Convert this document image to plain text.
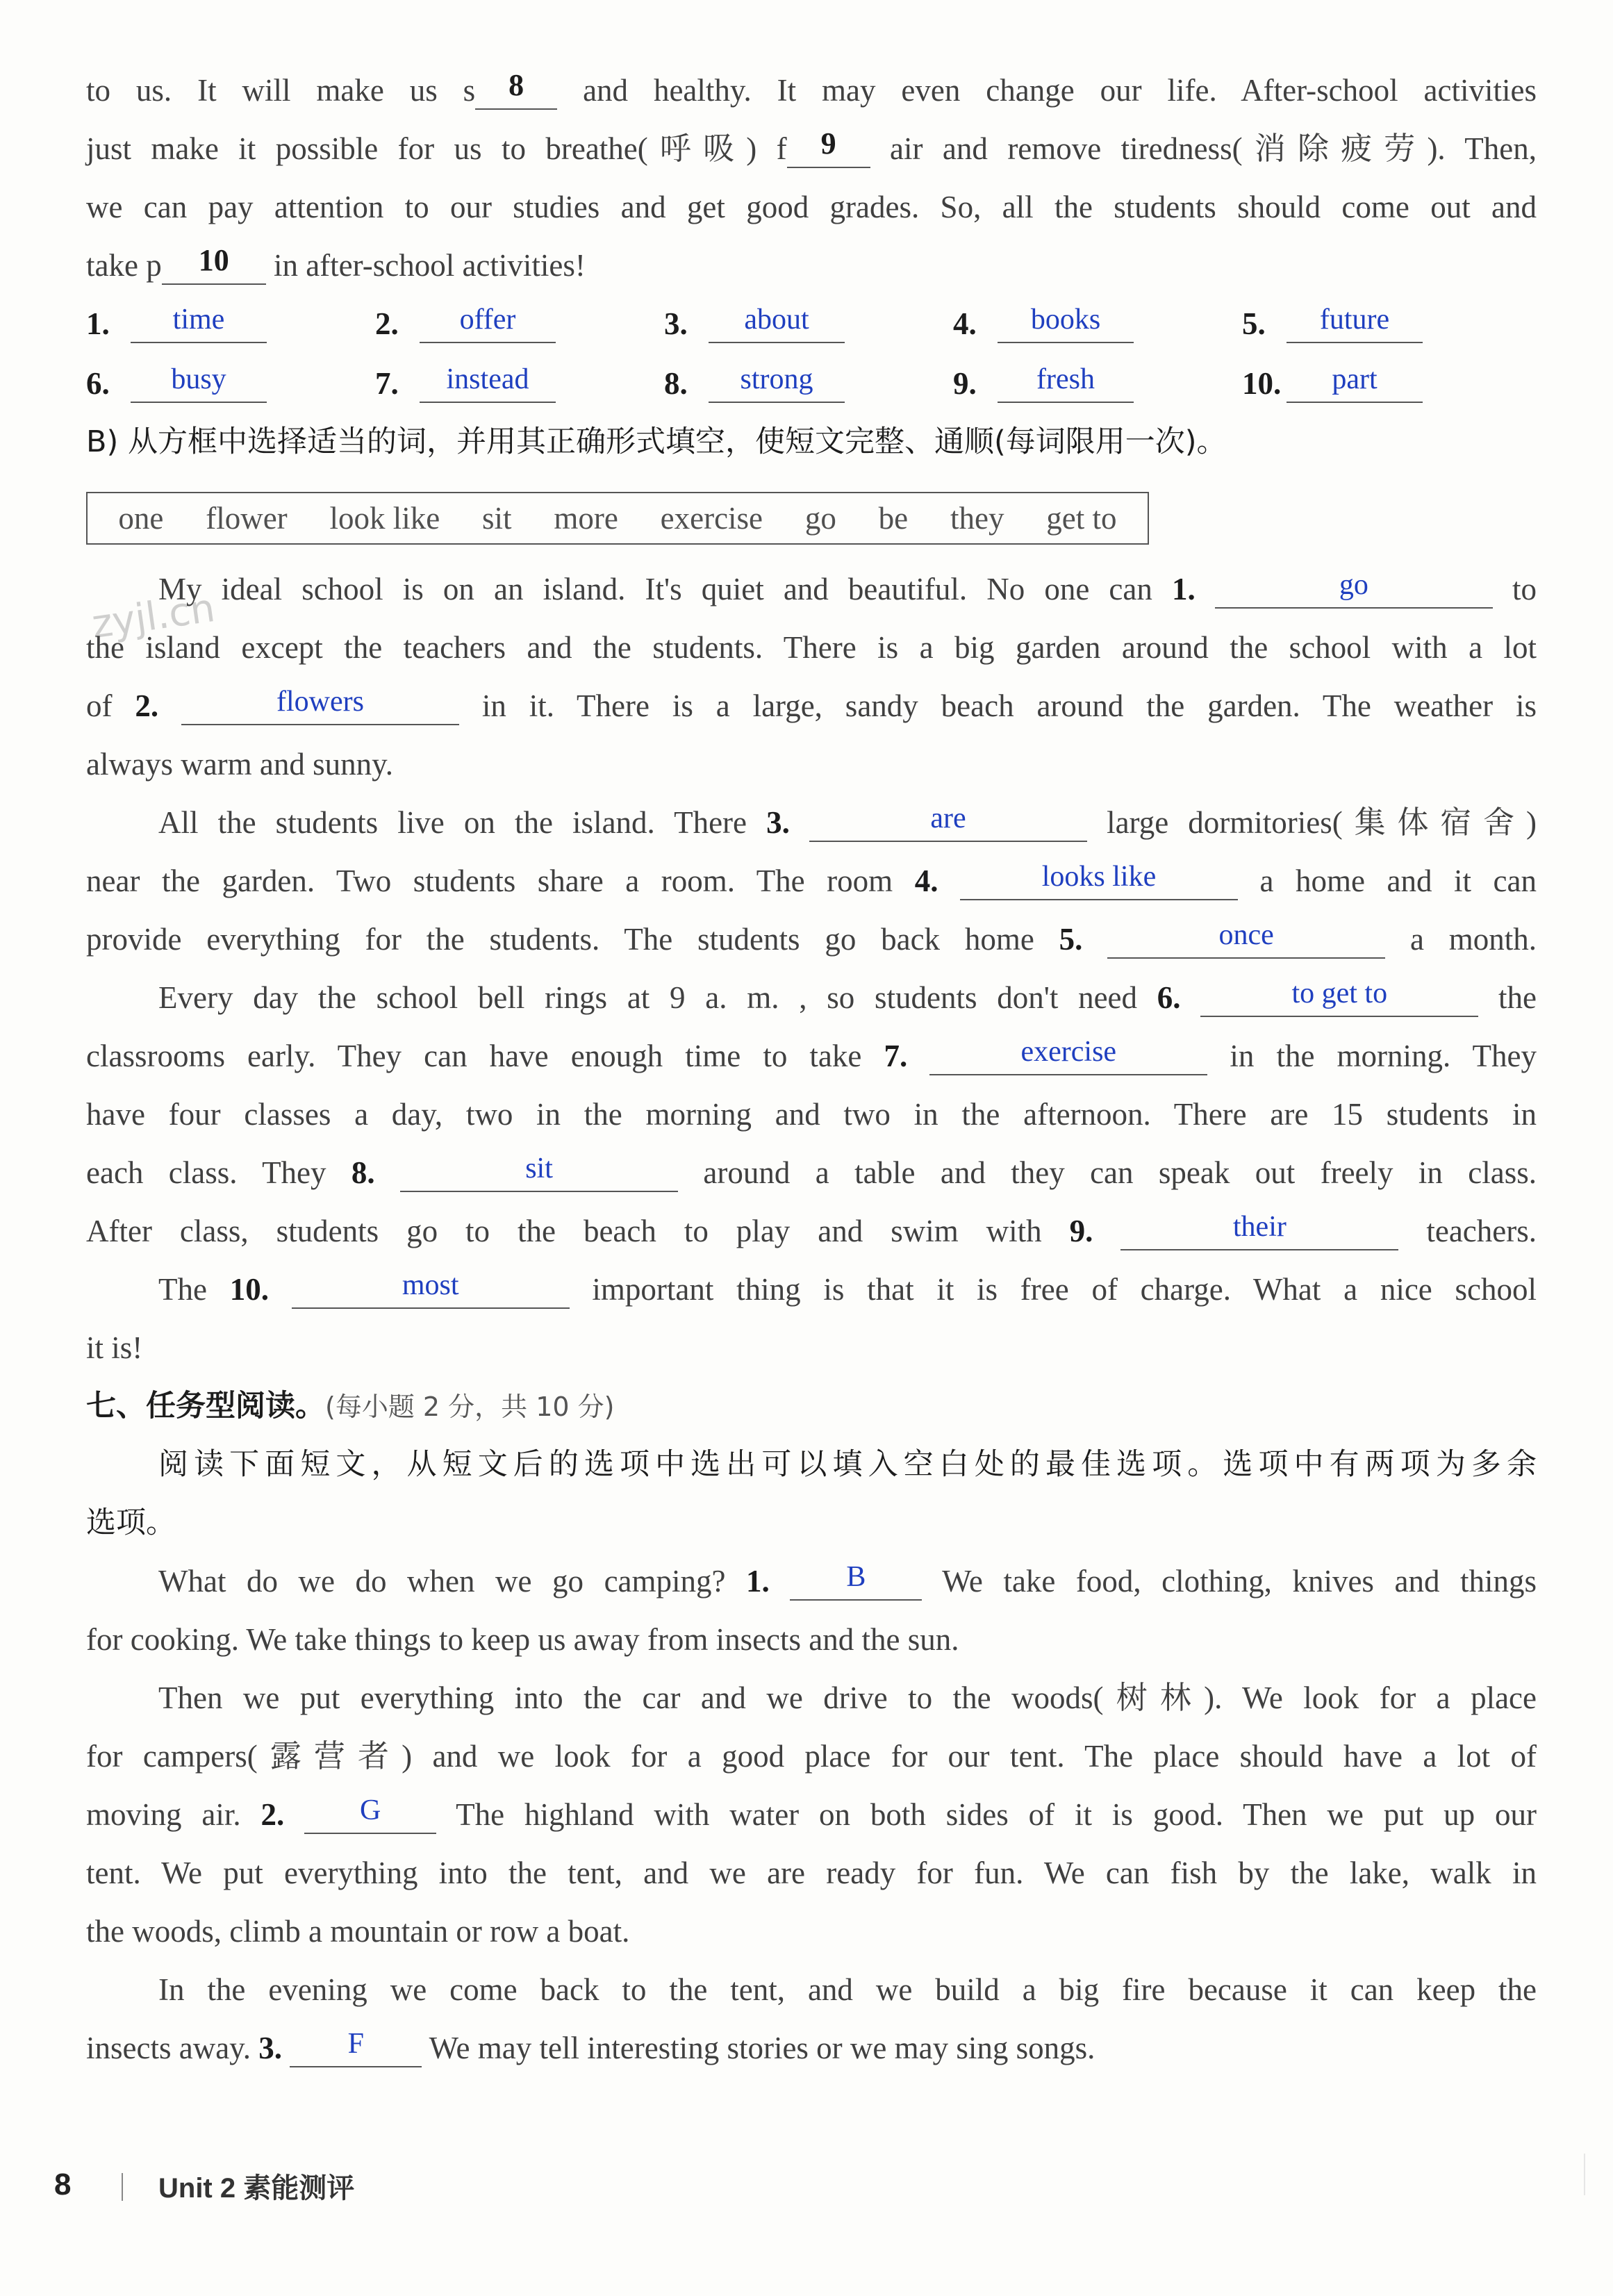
to us. It will make us s 8 and healthy. It may even change our life. After-school activities
just make it possible for us to breathe(呼吸) f 9 air and remove tiredness(消除疲劳). Then,
we can pay attention to our studies and get good grades. So, all the students should come out and
take p 10 in after-school activities!
1. time	2. offer	3. about	4. books	5. future
6. busy	7. instead	8. strong	9. fresh	10. part
B) 从方框中选择适当的词，并用其正确形式填空，使短文完整、通顺(每词限用一次)。
one flower look like sit more exercise go be they get to
zyjl.cn
My ideal school is on an island. It's quiet and beautiful. No one can 1.	go	to
the island except the teachers and the students. There is a big garden around the school with a lot
of 2.	flowers	in it. There is a large, sandy beach around the garden. The weather is
always warm and sunny.
All the students live on the island. There 3.	are	large dormitories(集体宿舍)
near the garden. Two students share a room. The room 4.	looks like	a home and it can
provide everything for the students. The students go back home 5.	once	a month.
Every day the school bell rings at 9 a. m. , so students don't need 6.	to get to	the
classrooms early. They can have enough time to take 7.	exercise	in the morning. They
have four classes a day, two in the morning and two in the afternoon. There are 15 students in
each class. They 8.	sit	around a table and they can speak out freely in class.
After class, students go to the beach to play and swim with 9.	their	teachers.
The 10.	most	important thing is that it is free of charge. What a nice school
it is!
七、任务型阅读。(每小题 2 分，共 10 分)
阅读下面短文，从短文后的选项中选出可以填入空白处的最佳选项。选项中有两项为多余
选项。
What do we do when we go camping? 1.	B We take food, clothing, knives and things
for cooking. We take things to keep us away from insects and the sun.
Then we put everything into the car and we drive to the woods(树林). We look for a place
for campers(露营者) and we look for a good place for our tent. The place should have a lot of
moving air. 2.	G The highland with water on both sides of it is good. Then we put up our
tent. We put everything into the tent, and we are ready for fun. We can fish by the lake, walk in
the woods, climb a mountain or row a boat.
In the evening we come back to the tent, and we build a big fire because it can keep the
insects away. 3. F We may tell interesting stories or we may sing songs.
8	Unit 2 素能测评
